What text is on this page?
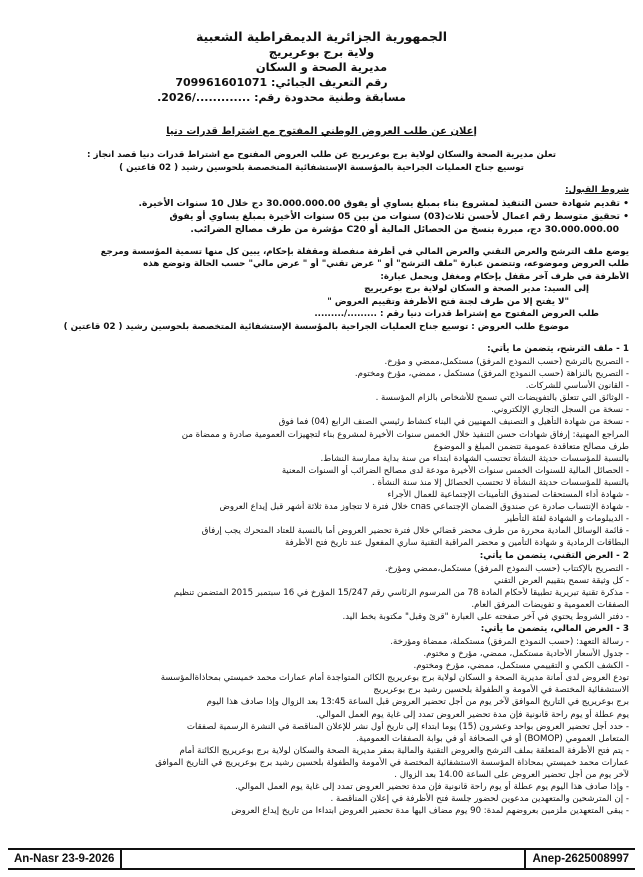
الجمهورية الجزائرية الديمقراطية الشعبية
ولاية برج بوعريريج
مديرية الصحة و السكان
رقم التعريف الجبائي: 09961601071‏7
مسابقة وطنية محدودة رقم: ............./2026.
إعلان عن طلب العروض الوطني المفتوح مع اشتراط قدرات دنيا
تعلن مديرية الصحة والسكان لولاية برج بوعريريج عن طلب العروض المفتوح مع اشتراط قدرات دنيا قصد انجاز :
توسيع جناح العمليات الجراحية بالمؤسسة الإستشفائية المتخصصة بلحوسين رشيد ( 02 قاعتين )
شروط القبول:
• تقديم شهادة حسن التنفيذ لمشروع بناء بمبلغ يساوي أو يفوق 30.000.000.00 دج خلال 10 سنوات الأخيرة.
• تحقيق متوسط رقم اعمال لأحسن ثلاث(03) سنوات من بين 05 سنوات الأخيرة بمبلغ يساوي أو يفوق
30.000.000.00 دج، مبررة بنسخ من الحصائل المالية أو C20 مؤشرة من طرف مصالح الضرائب.
يوضع ملف الترشح والعرض التقني والعرض المالي في أظرفة منفصلة ومقفلة بإحكام، يبين كل منها تسمية المؤسسة ومرجع
طلب العروض وموضوعه، وتتضمن عبارة "ملف الترشح" أو " عرض تقني" أو " عرض مالي" حسب الحالة وتوضع هذه
الأظرفة في ظرف آخر مقفل بإحكام ومغفل ويحمل عبارة:
إلى السيد: مدير الصحة و السكان لولاية برج بوعريريج
"لا يفتح إلا من طرف لجنة فتح الأظرفة وتقييم العروض "
طلب العروض المفتوح مع إشتراط قدرات دنيا رقم : ........./.........
موضوع طلب العروض : توسيع جناح العمليات الجراحية بالمؤسسة الإستشفائية المتخصصة بلحوسين رشيد ( 02 قاعتين )
1 - ملف الترشح، يتضمن ما يأتي:
- التصريح بالترشح (حسب النموذج المرفق) مستكمل،ممضي و مؤرخ.
- التصريح بالنزاهة (حسب النموذج المرفق) مستكمل ، ممضي، مؤرخ ومختوم.
- القانون الأساسي للشركات.
- الوثائق التي تتعلق بالتفويضات التي تسمح للأشخاص بالزام المؤسسة .
- نسخة من السجل التجاري الإلكتروني.
- نسخة من شهادة التأهيل و التصنيف المهنيين في البناء كنشاط رئيسي الصنف الرابع (04) فما فوق
المراجع المهنية: إرفاق شهادات حسن التنفيذ خلال الخمس سنوات الأخيرة لمشروع بناء لتجهيزات العمومية صادرة و ممضاة من
طرف مصالح متعاقدة عمومية تتضمن المبلغ و الموضوع
بالنسبة للمؤسسات حديثة النشأة تحتسب الشهادة ابتداء من سنة بداية ممارسة النشاط.
- الحصائل المالية للسنوات الخمس سنوات الأخيرة مودعة لدى مصالح الضرائب أو السنوات المعنية
بالنسبة للمؤسسات حديثة النشأة لا تحتسب الحصائل إلا منذ سنة النشأة .
- شهادة أداء المستحقات لصندوق التأمينات الإجتماعية للعمال الأجراء
- شهادة الإنتساب صادرة عن صندوق الضمان الإجتماعي cnas خلال فترة لا تتجاوز مدة ثلاثة أشهر قبل إيداع العروض
- الديبلومات و الشهادة لفئة التأطير
- قائمة الوسائل المادية محررة من طرف محضر قضائي خلال فترة تحضير العروض أما بالنسبة للعتاد المتحرك يجب إرفاق
البطاقات الرمادية و شهادة التأمين و محضر المراقبة التقنية ساري المفعول عند تاريخ فتح الأظرفة
2 - العرض التقني، يتضمن ما يأتي:
- التصريح بالإكتتاب (حسب النموذج المرفق) مستكمل،ممضي ومؤرخ.
- كل وثيقة تسمح بتقييم العرض التقني
- مذكرة تقنية تبريرية تطبيقا لأحكام المادة 78 من المرسوم الرئاسي رقم 15/247 المؤرخ في 16 سبتمبر 2015 المتضمن تنظيم
الصفقات العمومية و تفويضات المرفق العام.
- دفتر الشروط يحتوي في آخر صفحته على العبارة "قرئ وقبل" مكتوبة بخط اليد.
3 - العرض المالي، يتضمن ما يأتي:
- رسالة التعهد: (حسب النموذج المرفق) مستكملة، ممضاة ومؤرخة.
- جدول الأسعار الأحادية مستكمل، ممضي، مؤرخ و مختوم.
- الكشف الكمي و التقييمي مستكمل، ممضي، مؤرخ ومختوم.
تودع العروض لدى أمانة مديرية الصحة و السكان لولاية برج بوعريريج الكائن المتواجدة أمام عمارات محمد خميستي بمحاذاةالمؤسسة
الاستشفائية المختصة في الأمومة و الطفولة بلحسين رشيد برج بوعريريج
برج بوعريريج في التاريخ الموافق لآخر يوم من أجل تحضير العروض قبل الساعة 13:45 بعد الزوال وإذا صادف هذا اليوم
يوم عطلة أو يوم راحة قانونية فإن مدة تحضير العروض تمدد إلى غاية يوم العمل الموالي.
- حدد أجل تحضير العروض بواحد وعشرون (15) يوما ابتداء إلى تاريخ أول نشر للإعلان المناقصة في النشرة الرسمية لصفقات
المتعامل العمومي (BOMOP) أو في الصحافة أو في بوابة الصفقات العمومية.
- يتم فتح الأظرفة المتعلقة بملف الترشح والعروض التقنية والمالية بمقر مديرية الصحة والسكان لولاية برج بوعريريج الكائنة أمام
عمارات محمد خميستي بمحاذاة المؤسسة الاستشفائية المختصة في الأمومة والطفولة بلحسين رشيد برج بوعريريج في التاريخ الموافق
لآخر يوم من أجل تحضير العروض على الساعة 14.00 بعد الزوال .
- وإذا صادف هذا اليوم يوم عطلة أو يوم راحة قانونية فإن مدة تحضير العروض تمدد إلى غاية يوم العمل الموالي.
- إن المترشحين والمتعهدين مدعوين لحضور جلسة فتح الأظرفة في إعلان المناقصة .
- يبقى المتعهدين ملزمين بعروضهم لمدة: 90 يوم مضاف اليها مدة تحضير العروض ابتداءا من تاريخ إيداع العروض
An-Nasr 23-9-2026	Anep-2625008997
